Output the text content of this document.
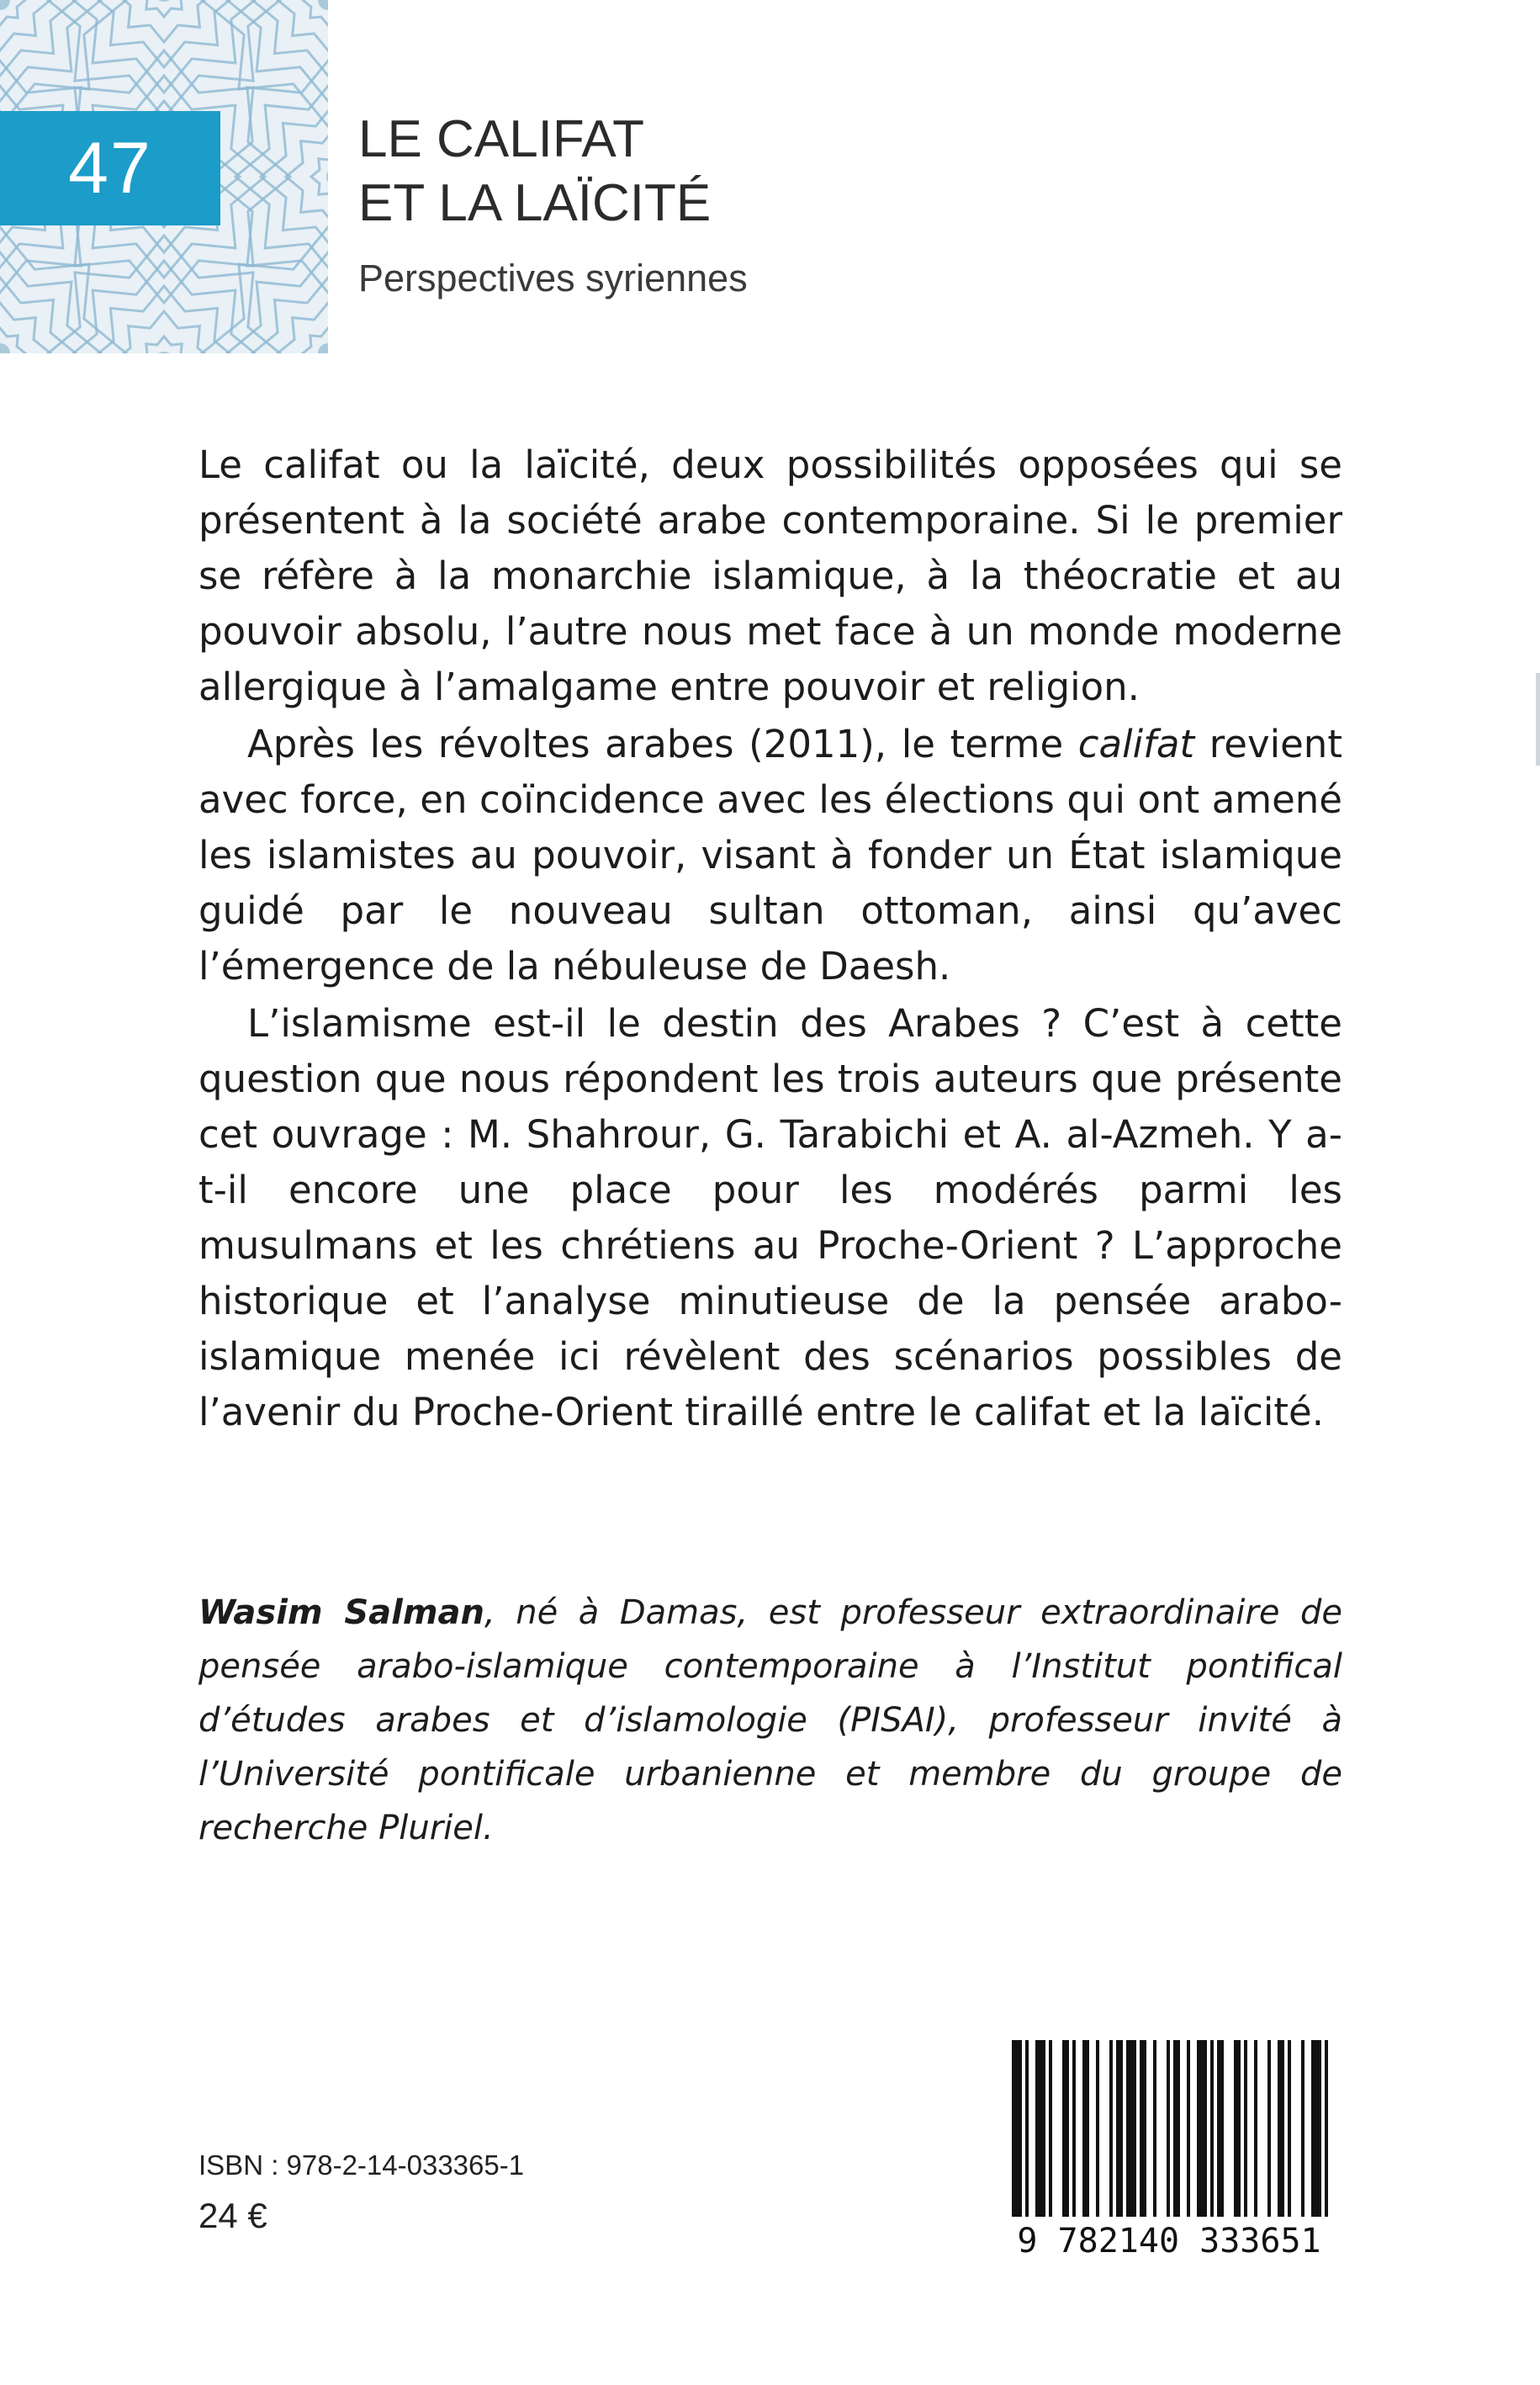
47	LE CALIFAT
ET LA LAÏCITÉ
Perspectives syriennes

Le califat ou la laïcité, deux possibilités opposées qui se présentent à la société arabe contemporaine. Si le premier se réfère à la monarchie islamique, à la théocratie et au pouvoir absolu, l’autre nous met face à un monde moderne allergique à l’amalgame entre pouvoir et religion.

Après les révoltes arabes (2011), le terme califat revient avec force, en coïncidence avec les élections qui ont amené les islamistes au pouvoir, visant à fonder un État islamique guidé par le nouveau sultan ottoman, ainsi qu’avec l’émergence de la nébuleuse de Daesh.

L’islamisme est-il le destin des Arabes ? C’est à cette question que nous répondent les trois auteurs que présente cet ouvrage : M. Shahrour, G. Tarabichi et A. al-Azmeh. Y a-t-il encore une place pour les modérés parmi les musulmans et les chrétiens au Proche-Orient ? L’approche historique et l’analyse minutieuse de la pensée arabo-islamique menée ici révèlent des scénarios possibles de l’avenir du Proche-Orient tiraillé entre le califat et la laïcité.

Wasim Salman, né à Damas, est professeur extraordinaire de pensée arabo-islamique contemporaine à l’Institut pontifical d’études arabes et d’islamologie (PISAI), professeur invité à l’Université pontificale urbanienne et membre du groupe de recherche Pluriel.
ISBN : 978-2-14-033365-1
24 €
9 782140 333651
